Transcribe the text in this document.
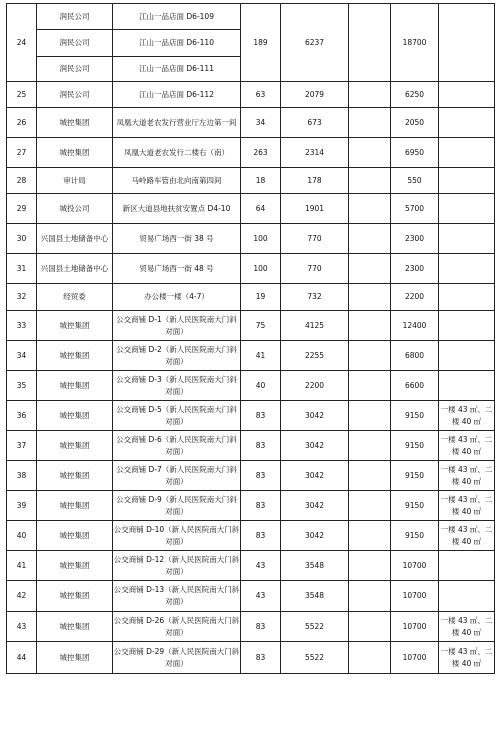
24	润民公司	江山一品店面 D6-109	189	6237		18700	
	润民公司	江山一品店面 D6-110					
	润民公司	江山一品店面 D6-111					
25	润民公司	江山一品店面 D6-112	63	2079		6250	
26	城控集团	凤凰大道老农发行营业厅左边第一间	34	673		2050	
27	城控集团	凤凰大道老农发行二楼右（南）	263	2314		6950	
28	审计局	马岭路车管由北向南第四间	18	178		550	
29	城投公司	新区大道县地扶贫安置点 D4-10	64	1901		5700	
30	兴国县土地储备中心	贸易广场西一街 38 号	100	770		2300	
31	兴国县土地储备中心	贸易广场西一街 48 号	100	770		2300	
32	经贸委	办公楼一楼（4-7）	19	732		2200	
33	城控集团	公交商铺 D-1（新人民医院南大门斜对面）	75	4125		12400	
34	城控集团	公交商铺 D-2（新人民医院南大门斜对面）	41	2255		6800	
35	城控集团	公交商铺 D-3（新人民医院南大门斜对面）	40	2200		6600	
36	城控集团	公交商铺 D-5（新人民医院南大门斜对面）	83	3042		9150	一楼 43 ㎡、二楼 40 ㎡
37	城控集团	公交商铺 D-6（新人民医院南大门斜对面）	83	3042		9150	一楼 43 ㎡、二楼 40 ㎡
38	城控集团	公交商铺 D-7（新人民医院南大门斜对面）	83	3042		9150	一楼 43 ㎡、二楼 40 ㎡
39	城控集团	公交商铺 D-9（新人民医院南大门斜对面）	83	3042		9150	一楼 43 ㎡、二楼 40 ㎡
40	城控集团	公交商铺 D-10（新人民医院南大门斜对面）	83	3042		9150	一楼 43 ㎡、二楼 40 ㎡
41	城控集团	公交商铺 D-12（新人民医院南大门斜对面）	43	3548		10700	
42	城控集团	公交商铺 D-13（新人民医院南大门斜对面）	43	3548		10700	
43	城控集团	公交商铺 D-26（新人民医院南大门斜对面）	83	5522		10700	一楼 43 ㎡、二楼 40 ㎡
44	城控集团	公交商铺 D-29（新人民医院南大门斜对面）	83	5522		10700	一楼 43 ㎡、二楼 40 ㎡
